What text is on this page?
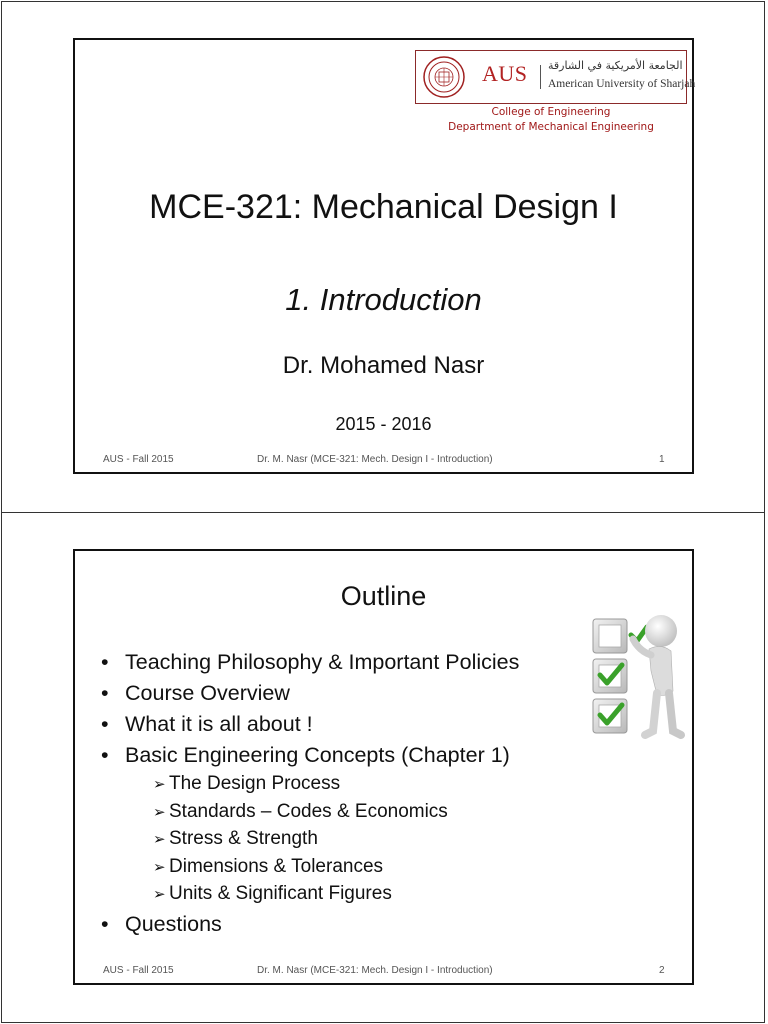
AUS الجامعة الأمريكية في الشارقة
American University of Sharjah
College of Engineering
Department of Mechanical Engineering
MCE-321: Mechanical Design I
1. Introduction
Dr. Mohamed Nasr
2015 - 2016
AUS - Fall 2015	Dr. M. Nasr (MCE-321: Mech. Design I - Introduction)	1
Outline
• Teaching Philosophy & Important Policies
• Course Overview
• What it is all about !
• Basic Engineering Concepts (Chapter 1)
➢ The Design Process
➢ Standards – Codes & Economics
➢ Stress & Strength
➢ Dimensions & Tolerances
➢ Units & Significant Figures
• Questions
AUS - Fall 2015	Dr. M. Nasr (MCE-321: Mech. Design I - Introduction)	2
